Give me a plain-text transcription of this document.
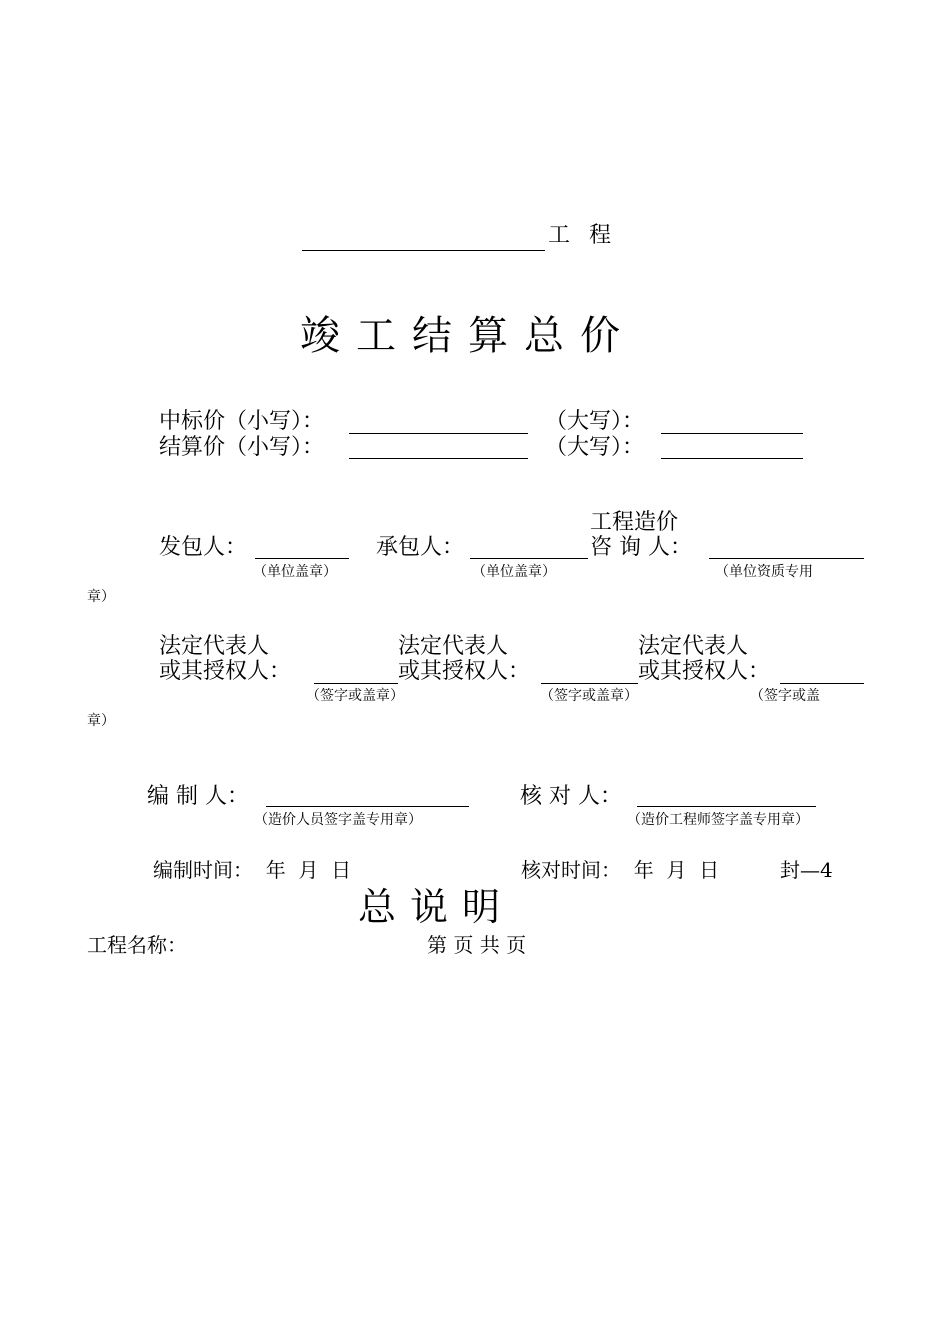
工 程
竣工结算总价
中标价（小写）：	（大写）：
结算价（小写）：	（大写）：
工程造价
发包人：	承包人：	咨 询 人：
（单位盖章）	（单位盖章）	（单位资质专用
章）
法定代表人	法定代表人	法定代表人
或其授权人：	或其授权人：	或其授权人：
（签字或盖章）	（签字或盖章）	（签字或盖
章）
编 制 人：	核 对 人：
（造价人员签字盖专用章）	（造价工程师签字盖专用章）
编制时间：  年  月  日	核对时间：  年  月  日	封—4
总说明
工程名称：	第 页 共 页
